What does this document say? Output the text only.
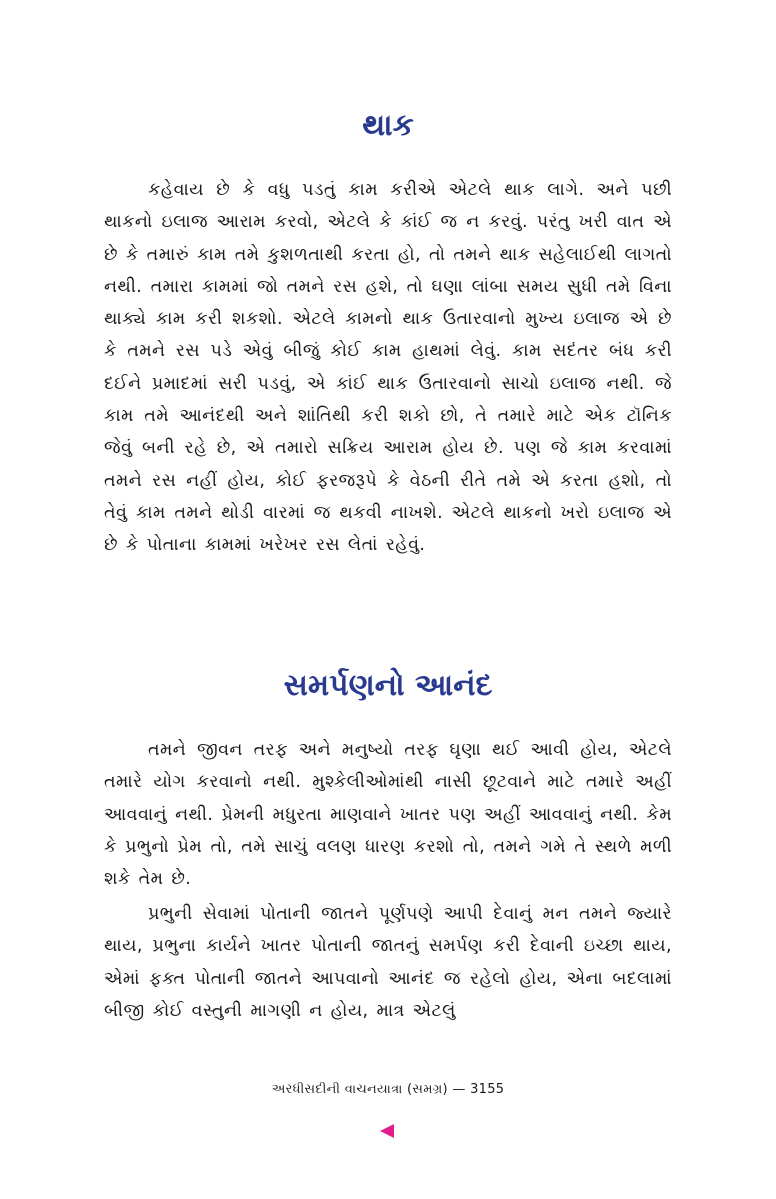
થાક

કહેવાય છે કે વધુ પડતું કામ કરીએ એટલે થાક લાગે. અને પછી થાકનો ઇલાજ આરામ કરવો, એટલે કે કાંઈ જ ન કરવું. પરંતુ ખરી વાત એ છે કે તમારું કામ તમે કુશળતાથી કરતા હો, તો તમને થાક સહેલાઈથી લાગતો નથી. તમારા કામમાં જો તમને રસ હશે, તો ઘણા લાંબા સમય સુધી તમે વિના થાક્યે કામ કરી શકશો. એટલે કામનો થાક ઉતારવાનો મુખ્ય ઇલાજ એ છે કે તમને રસ પડે એવું બીજું કોઈ કામ હાથમાં લેવું. કામ સદંતર બંધ કરી દઈને પ્રમાદમાં સરી પડવું, એ કાંઈ થાક ઉતારવાનો સાચો ઇલાજ નથી. જે કામ તમે આનંદથી અને શાંતિથી કરી શકો છો, તે તમારે માટે એક ટૉનિક જેવું બની રહે છે, એ તમારો સક્રિય આરામ હોય છે. પણ જે કામ કરવામાં તમને રસ નહીં હોય, કોઈ ફરજરૂપે કે વેઠની રીતે તમે એ કરતા હશો, તો તેવું કામ તમને થોડી વારમાં જ થકવી નાખશે. એટલે થાકનો ખરો ઇલાજ એ છે કે પોતાના કામમાં ખરેખર રસ લેતાં રહેવું.

સમર્પણનો આનંદ

તમને જીવન તરફ અને મનુષ્યો તરફ ઘૃણા થઈ આવી હોય, એટલે તમારે યોગ કરવાનો નથી. મુશ્કેલીઓમાંથી નાસી છૂટવાને માટે તમારે અહીં આવવાનું નથી. પ્રેમની મધુરતા માણવાને ખાતર પણ અહીં આવવાનું નથી. કેમ કે પ્રભુનો પ્રેમ તો, તમે સાચું વલણ ધારણ કરશો તો, તમને ગમે તે સ્થળે મળી શકે તેમ છે.

પ્રભુની સેવામાં પોતાની જાતને પૂર્ણપણે આપી દેવાનું મન તમને જ્યારે થાય, પ્રભુના કાર્યને ખાતર પોતાની જાતનું સમર્પણ કરી દેવાની ઇચ્છા થાય, એમાં ફક્ત પોતાની જાતને આપવાનો આનંદ જ રહેલો હોય, એના બદલામાં બીજી કોઈ વસ્તુની માગણી ન હોય, માત્ર એટલું

અરધીસદીની વાચનયાત્રા (સમગ્ર) — 3155
